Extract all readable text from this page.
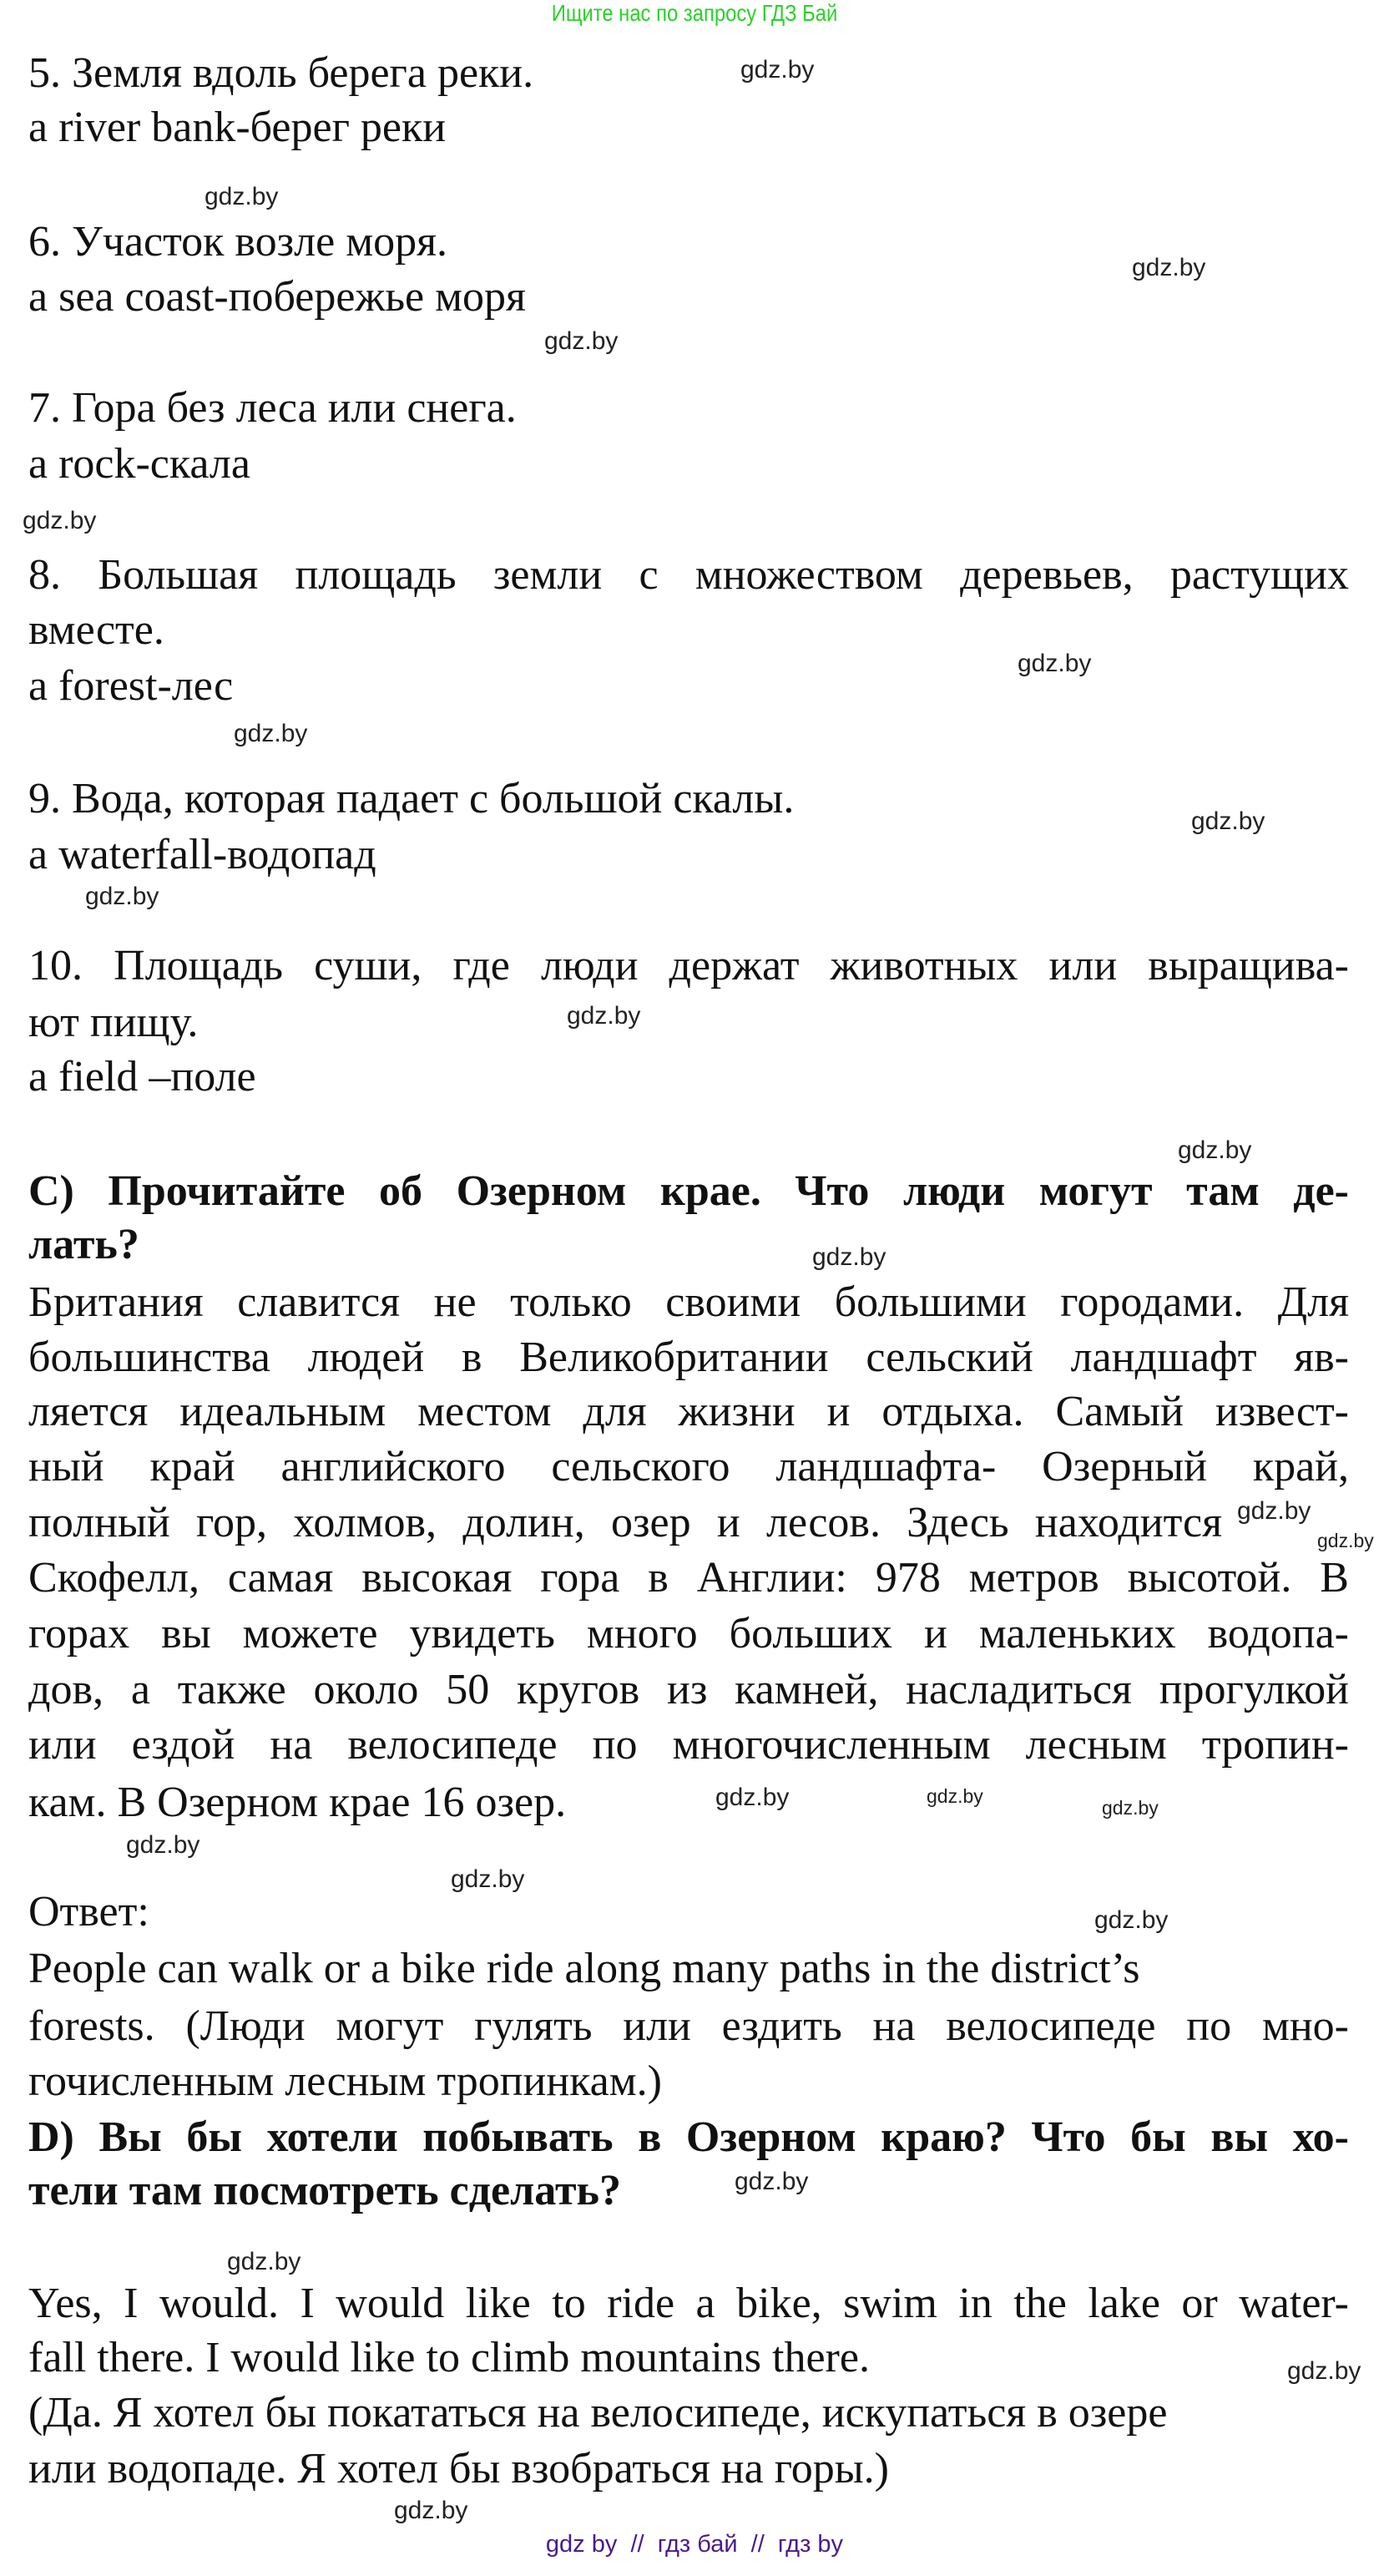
Ищите нас по запросу ГДЗ Бай
5. Земля вдоль берега реки.
a river bank-берег реки
6. Участок возле моря.
a sea coast-побережье моря
7. Гора без леса или снега.
a rock-скала
8. Большая площадь земли с множеством деревьев, растущих
вместе.
a forest-лес
9. Вода, которая падает с большой скалы.
a waterfall-водопад
10. Площадь суши, где люди держат животных или выращива-
ют пищу.
a field –поле
C) Прочитайте об Озерном крае. Что люди могут там де-
лать?
Британия славится не только своими большими городами. Для
большинства людей в Великобритании сельский ландшафт яв-
ляется идеальным местом для жизни и отдыха. Самый извест-
ный край английского сельского ландшафта- Озерный край,
полный гор, холмов, долин, озер и лесов. Здесь находится
Скофелл, самая высокая гора в Англии: 978 метров высотой. В
горах вы можете увидеть много больших и маленьких водопа-
дов, а также около 50 кругов из камней, насладиться прогулкой
или ездой на велосипеде по многочисленным лесным тропин-
кам. В Озерном крае 16 озер.
Ответ:
People can walk or a bike ride along many paths in the district’s
forests. (Люди могут гулять или ездить на велосипеде по мно-
гочисленным лесным тропинкам.)
D) Вы бы хотели побывать в Озерном краю? Что бы вы хо-
тели там посмотреть сделать?
Yes, I would. I would like to ride a bike, swim in the lake or water-
fall there. I would like to climb mountains there.
(Да. Я хотел бы покататься на велосипеде, искупаться в озере
или водопаде. Я хотел бы взобраться на горы.)
gdz.by
gdz.by
gdz.by
gdz.by
gdz.by
gdz.by
gdz.by
gdz.by
gdz.by
gdz.by
gdz.by
gdz.by
gdz.by
gdz.by
gdz.by
gdz.by
gdz.by
gdz.by
gdz.by
gdz.by
gdz.by
gdz.by
gdz.by
gdz.by
gdz by  //  гдз бай  //  гдз by
